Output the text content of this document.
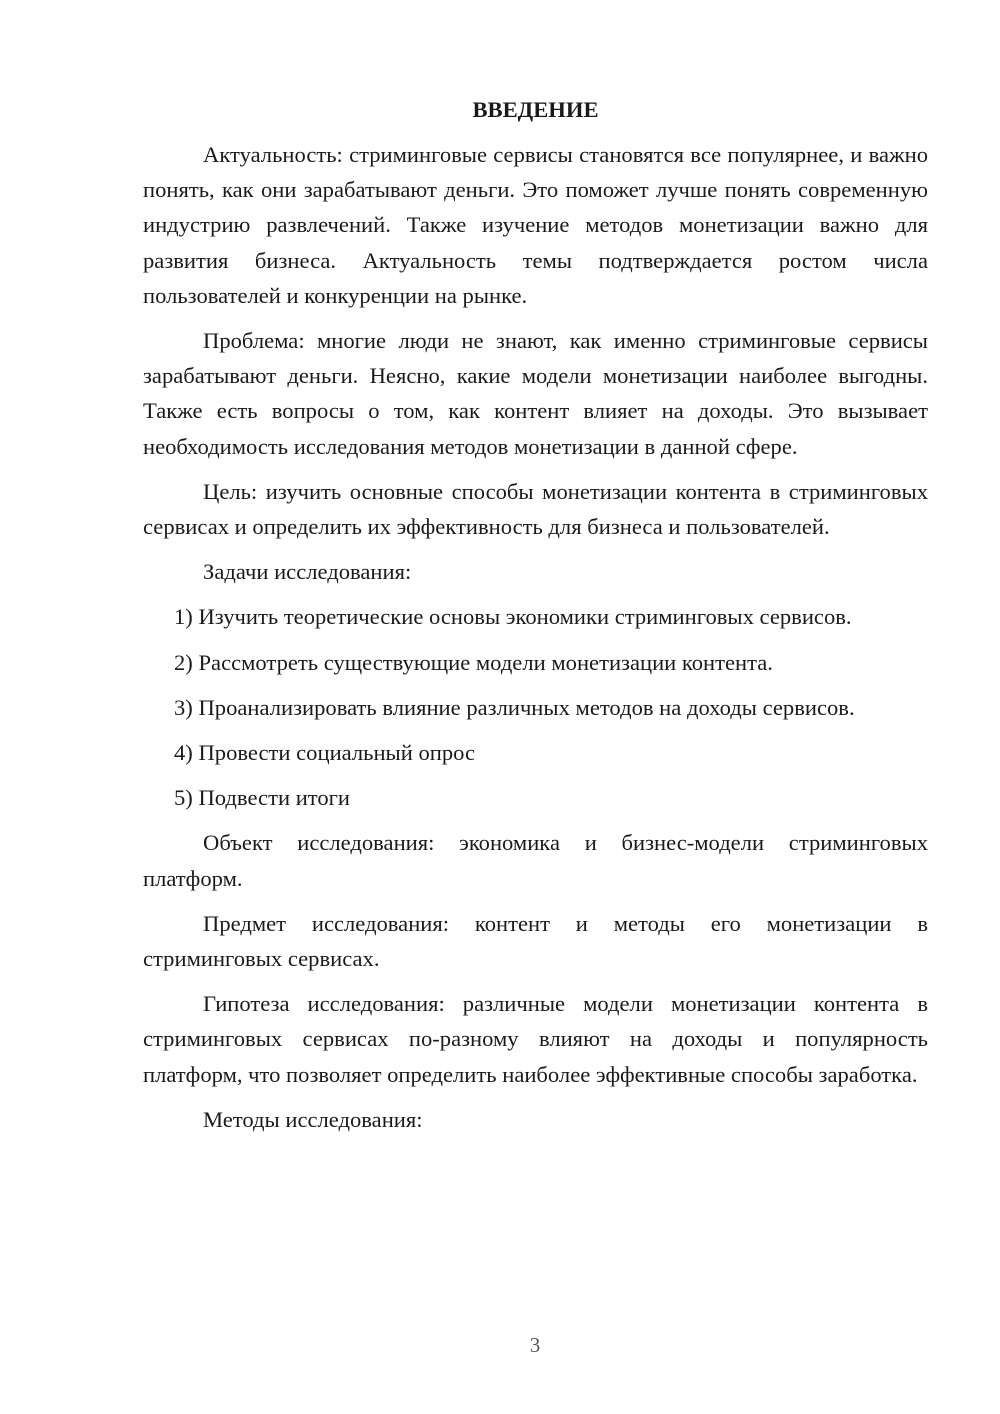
ВВЕДЕНИЕ

Актуальность: стриминговые сервисы становятся все популярнее, и важно понять, как они зарабатывают деньги. Это поможет лучше понять современную индустрию развлечений. Также изучение методов монетизации важно для развития бизнеса. Актуальность темы подтверждается ростом числа пользователей и конкуренции на рынке.

Проблема: многие люди не знают, как именно стриминговые сервисы зарабатывают деньги. Неясно, какие модели монетизации наиболее выгодны. Также есть вопросы о том, как контент влияет на доходы. Это вызывает необходимость исследования методов монетизации в данной сфере.

Цель: изучить основные способы монетизации контента в стриминговых сервисах и определить их эффективность для бизнеса и пользователей.

Задачи исследования:

1) Изучить теоретические основы экономики стриминговых сервисов.

2) Рассмотреть существующие модели монетизации контента.

3) Проанализировать влияние различных методов на доходы сервисов.

4) Провести социальный опрос

5) Подвести итоги

Объект исследования: экономика и бизнес-модели стриминговых платформ.

Предмет исследования: контент и методы его монетизации в стриминговых сервисах.

Гипотеза исследования: различные модели монетизации контента в стриминговых сервисах по-разному влияют на доходы и популярность платформ, что позволяет определить наиболее эффективные способы заработка.

Методы исследования:

3
